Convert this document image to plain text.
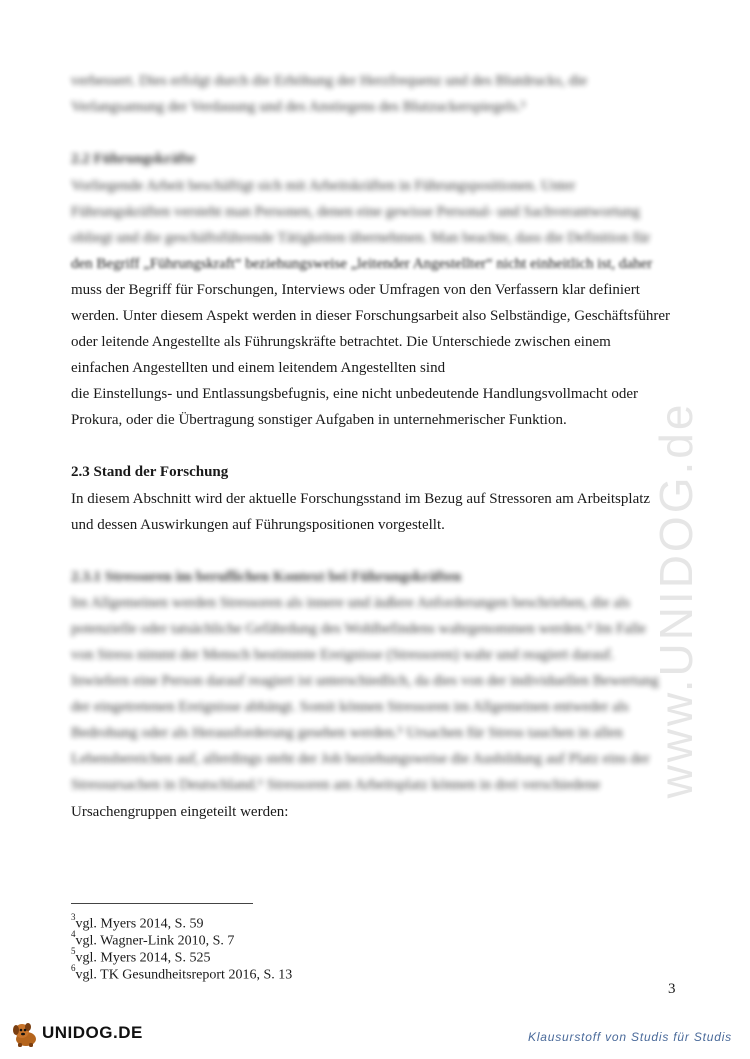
www.UNIDOG.de
verbessert. Dies erfolgt durch die Erhöhung der Herzfrequenz und des Blutdrucks, die
Verlangsamung der Verdauung und des Anstiegens des Blutzuckerspiegels.³
2.2 Führungskräfte
Vorliegende Arbeit beschäftigt sich mit Arbeitskräften in Führungspositionen. Unter
Führungskräften versteht man Personen, denen eine gewisse Personal- und Sachverantwortung
obliegt und die geschäftsführende Tätigkeiten übernehmen. Man beachte, dass die Definition für
den Begriff „Führungskraft“ beziehungsweise „leitender Angestellter“ nicht einheitlich ist, daher
muss der Begriff für Forschungen, Interviews oder Umfragen von den Verfassern klar definiert
werden. Unter diesem Aspekt werden in dieser Forschungsarbeit also Selbständige, Geschäftsführer
oder leitende Angestellte als Führungskräfte betrachtet. Die Unterschiede zwischen einem
einfachen Angestellten und einem leitendem Angestellten sind
die Einstellungs- und Entlassungsbefugnis, eine nicht unbedeutende Handlungsvollmacht oder
Prokura, oder die Übertragung sonstiger Aufgaben in unternehmerischer Funktion.
2.3 Stand der Forschung
In diesem Abschnitt wird der aktuelle Forschungsstand im Bezug auf Stressoren am Arbeitsplatz
und dessen Auswirkungen auf Führungspositionen vorgestellt.
2.3.1 Stressoren im beruflichen Kontext bei Führungskräften
Im Allgemeinen werden Stressoren als innere und äußere Anforderungen beschrieben, die als
potenzielle oder tatsächliche Gefährdung des Wohlbefindens wahrgenommen werden.⁴ Im Falle
von Stress nimmt der Mensch bestimmte Ereignisse (Stressoren) wahr und reagiert darauf.
Inwiefern eine Person darauf reagiert ist unterschiedlich, da dies von der individuellen Bewertung
der eingetretenen Ereignisse abhängt. Somit können Stressoren im Allgemeinen entweder als
Bedrohung oder als Herausforderung gesehen werden.⁵ Ursachen für Stress tauchen in allen
Lebensbereichen auf, allerdings steht der Job beziehungsweise die Ausbildung auf Platz eins der
Stressursachen in Deutschland.⁶ Stressoren am Arbeitsplatz können in drei verschiedene
Ursachengruppen eingeteilt werden:
$^3$vgl. Myers 2014, S. 59
$^4$vgl. Wagner-Link 2010, S. 7
$^5$vgl. Myers 2014, S. 525
$^6$vgl. TK Gesundheitsreport 2016, S. 13
3
UNIDOG.DE	Klausurstoff von Studis für Studis
